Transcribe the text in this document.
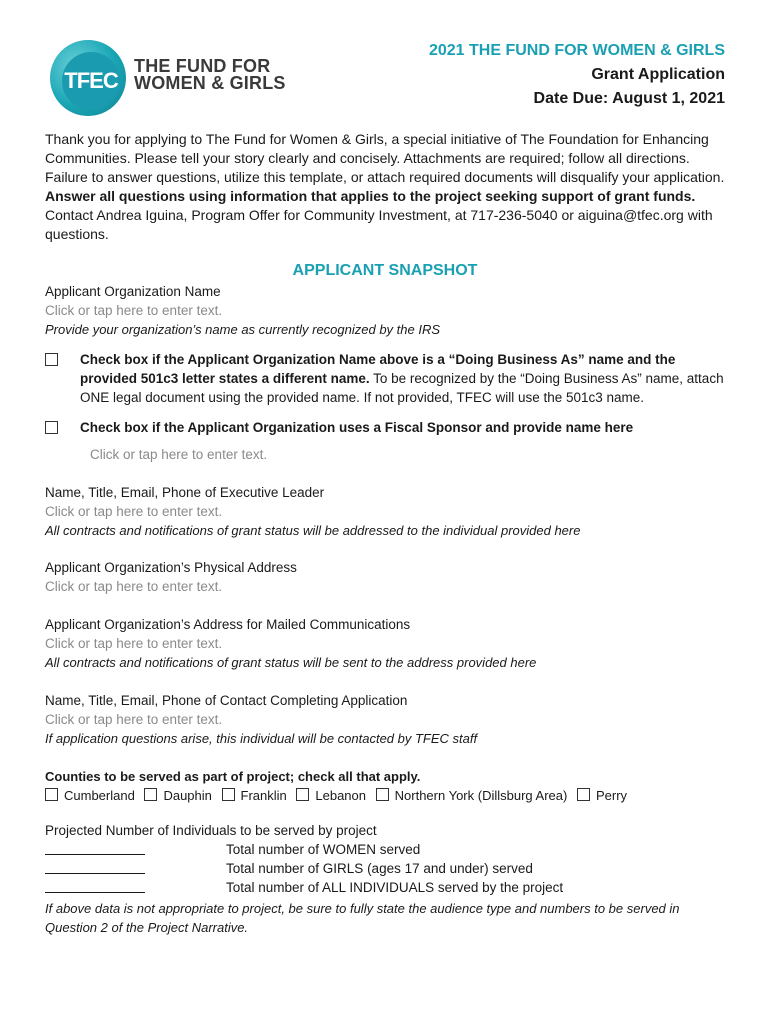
TFEC
THE FUND FOR
WOMEN & GIRLS
2021 THE FUND FOR WOMEN & GIRLS
Grant Application
Date Due: August 1, 2021
Thank you for applying to The Fund for Women & Girls, a special initiative of The Foundation for Enhancing Communities. Please tell your story clearly and concisely. Attachments are required; follow all directions. Failure to answer questions, utilize this template, or attach required documents will disqualify your application. Answer all questions using information that applies to the project seeking support of grant funds. Contact Andrea Iguina, Program Offer for Community Investment, at 717-236-5040 or aiguina@tfec.org with questions.
APPLICANT SNAPSHOT
Applicant Organization Name
Click or tap here to enter text.
Provide your organization’s name as currently recognized by the IRS
Check box if the Applicant Organization Name above is a “Doing Business As” name and the provided 501c3 letter states a different name. To be recognized by the “Doing Business As” name, attach ONE legal document using the provided name. If not provided, TFEC will use the 501c3 name.
Check box if the Applicant Organization uses a Fiscal Sponsor and provide name here
Click or tap here to enter text.
Name, Title, Email, Phone of Executive Leader
Click or tap here to enter text.
All contracts and notifications of grant status will be addressed to the individual provided here
Applicant Organization’s Physical Address
Click or tap here to enter text.
Applicant Organization’s Address for Mailed Communications
Click or tap here to enter text.
All contracts and notifications of grant status will be sent to the address provided here
Name, Title, Email, Phone of Contact Completing Application
Click or tap here to enter text.
If application questions arise, this individual will be contacted by TFEC staff
Counties to be served as part of project; check all that apply.
Cumberland Dauphin Franklin Lebanon Northern York (Dillsburg Area) Perry
Projected Number of Individuals to be served by project
Total number of WOMEN served
Total number of GIRLS (ages 17 and under) served
Total number of ALL INDIVIDUALS served by the project
If above data is not appropriate to project, be sure to fully state the audience type and numbers to be served in Question 2 of the Project Narrative.
